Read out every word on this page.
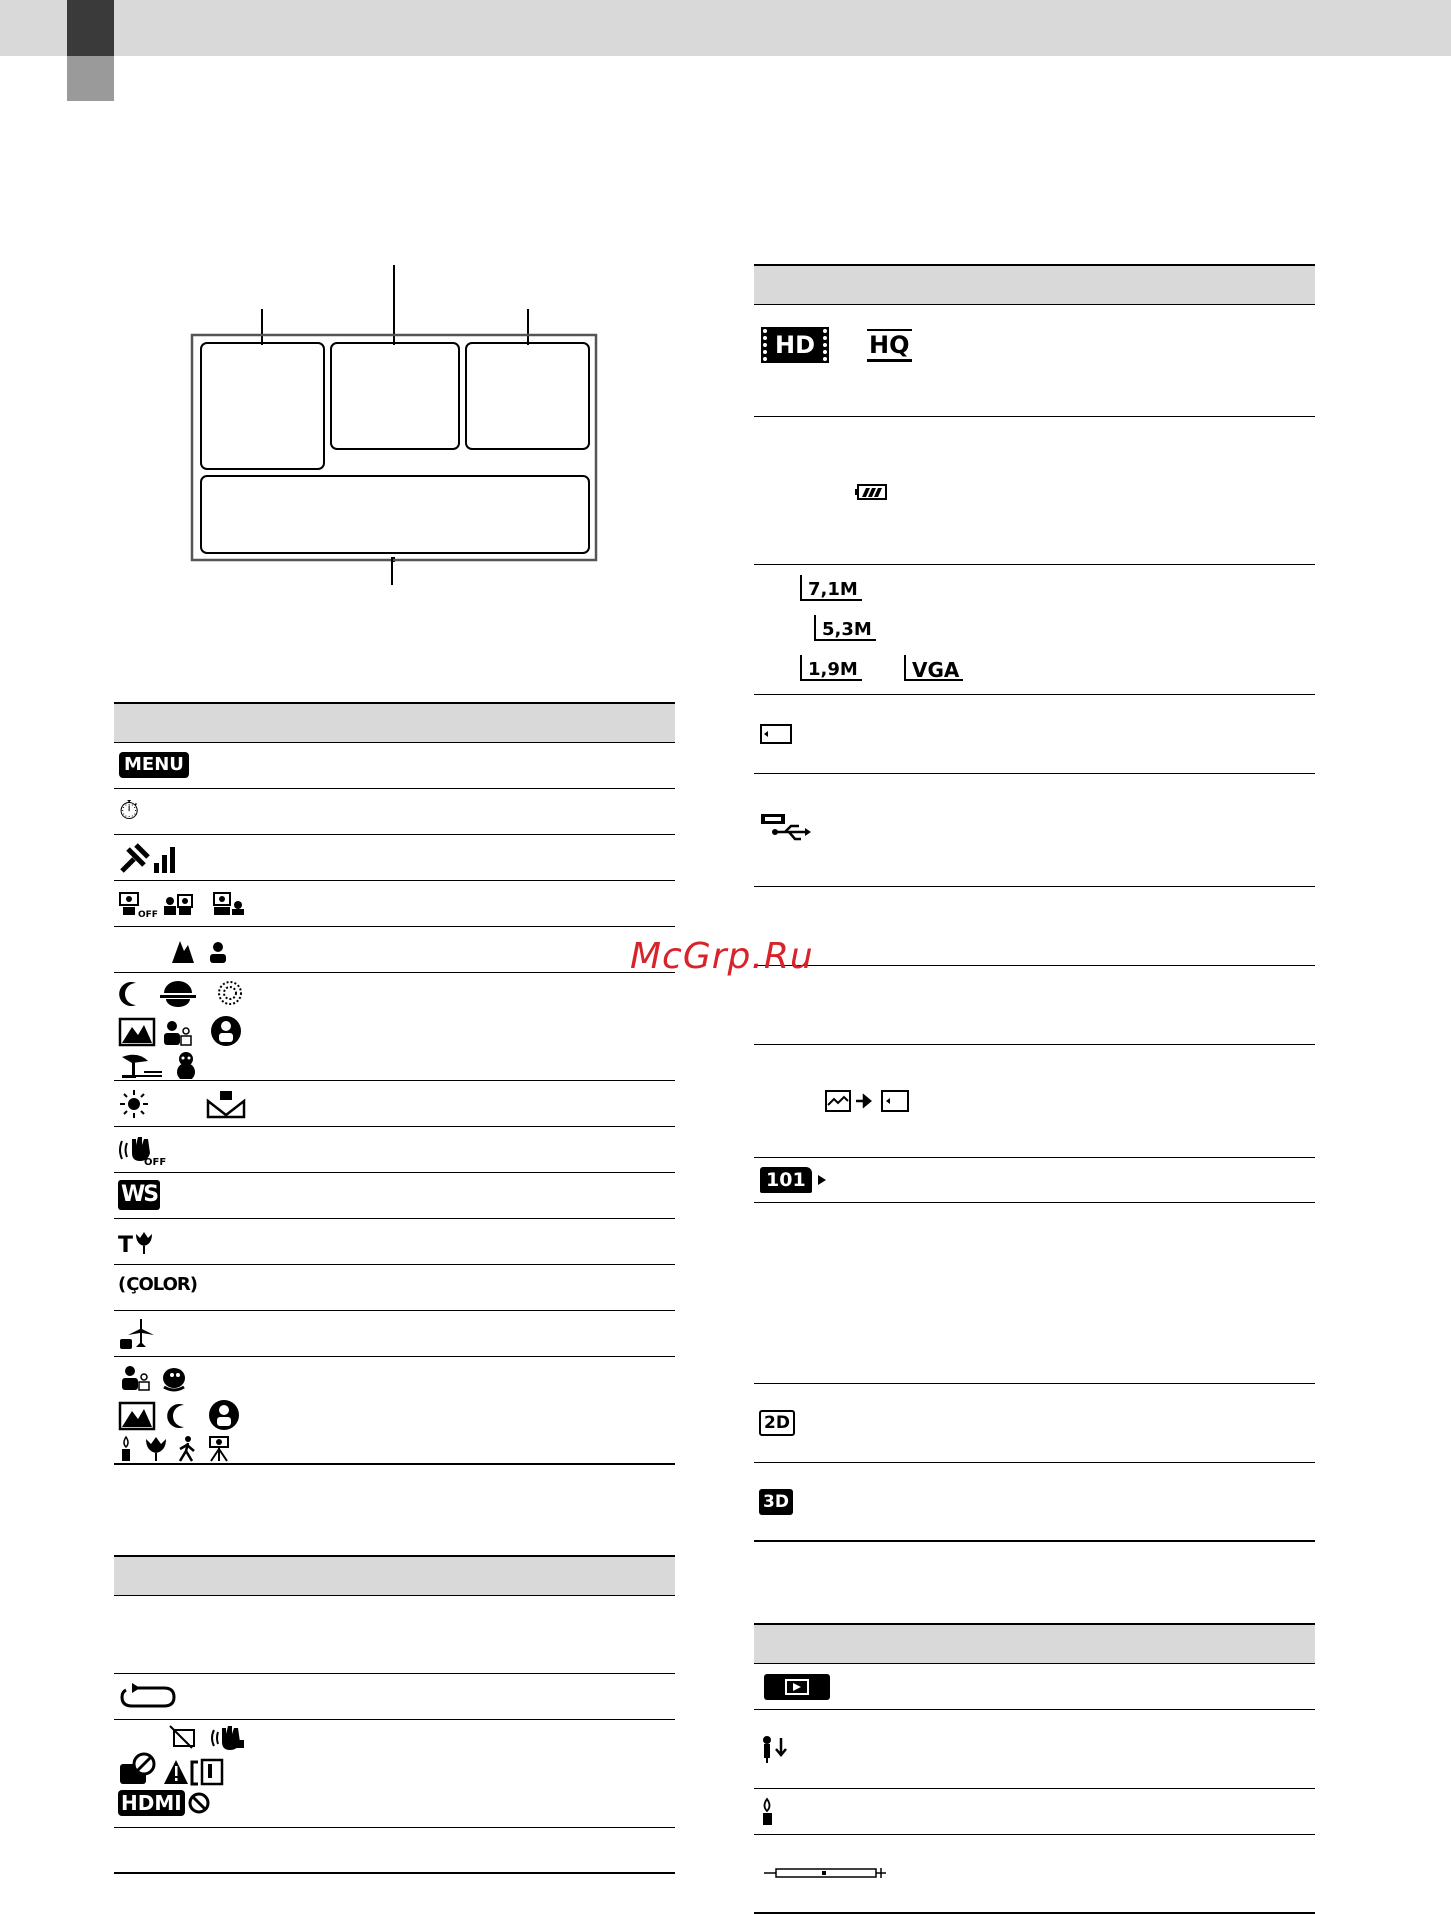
MENU
⏱
OFF
OFF
WS
T
(ÇOLOR)
HDMI
HD	HQ
7,1M
5,3M
1,9M	VGA
101
2D
3D
McGrp.Ru
